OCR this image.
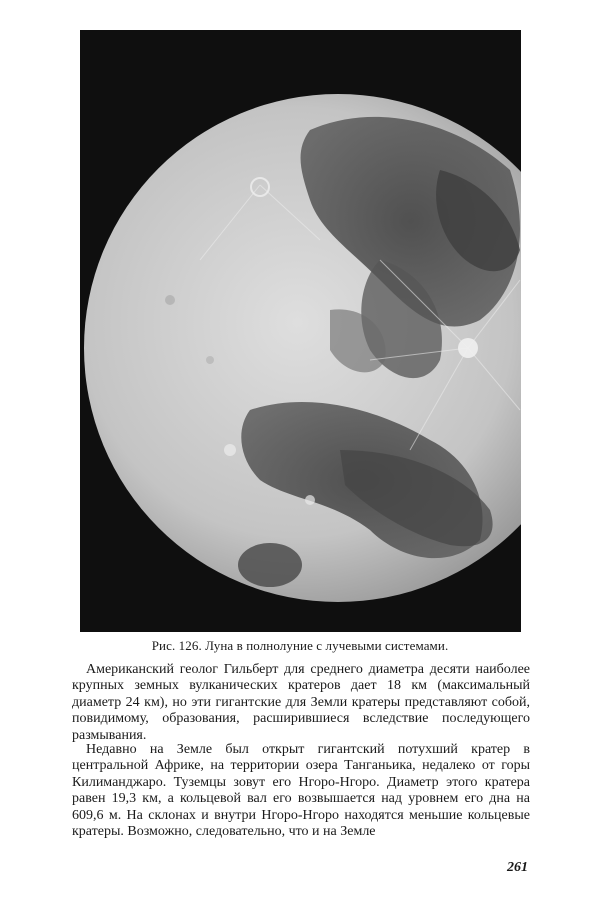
Рис. 126. Луна в полнолуние с лучевыми системами.

Американский геолог Гильберт для среднего диаметра десяти наиболее крупных земных вулканических кратеров дает 18 км (максимальный диаметр 24 км), но эти гигантские для Земли кратеры представляют собой, повидимому, образования, расширившиеся вследствие последующего размывания.

Недавно на Земле был открыт гигантский потухший кратер в центральной Африке, на территории озера Танганьика, недалеко от горы Килиманджаро. Туземцы зовут его Нгоро-Нгоро. Диаметр этого кратера равен 19,3 км, а кольцевой вал его возвышается над уровнем его дна на 609,6 м. На склонах и внутри Нгоро-Нгоро находятся меньшие кольцевые кратеры. Возможно, следовательно, что и на Земле

261
